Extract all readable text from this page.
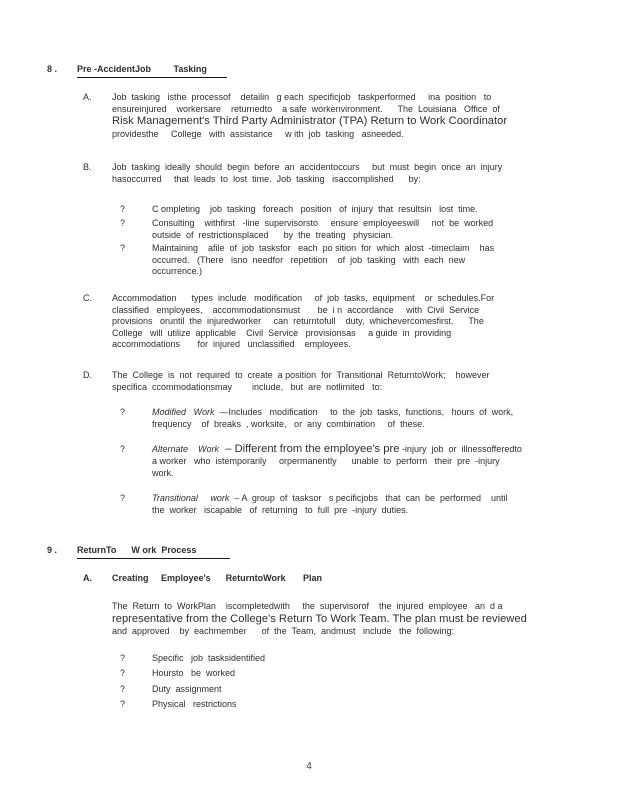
8 .	Pre -AccidentJob         Tasking
A.	Job  tasking   isthe  processof    detailin   g each  specificjob   taskperformed     ina  position   to
ensureinjured    workersare    returnedto    a safe  workenvironment.      The  Louisiana   Office  of
Risk Management's Third Party Administrator (TPA) Return to Work Coordinator
providesthe     College   with  assistance     w ith  job  tasking   asneeded.
B.	Job  tasking  ideally  should  begin  before  an  accidentoccurs     but  must  begin  once  an  injury
hasoccurred     that  leads  to  lost  time.  Job  tasking   isaccomplished      by:
?	C ompleting    job  tasking   foreach   position   of  injury  that  resultsin   lost  time.
?	Consulting    withfirst   -line  supervisorsto     ensure  employeeswill     not  be  worked
outside  of  restrictionsplaced      by  the  treating   physician.
?	Maintaining    afile  of  job  tasksfor   each  po sition  for  which  alost  -timeclaim    has
occurred.   (There   isno  needfor   repetition    of  job  tasking   with  each  new
occurrence.)
C.	Accommodation      types  include   modification     of  job  tasks,  equipment    or  schedules.For
classified   employees,    accommodationsmust       be  i n  accordance     with  Civil  Service
provisions   oruntil  the  injuredworker     can  returntofull    duty,  whichevercomesfirst.      The
College   will  utilize  applicable    Civil  Service   provisionsas     a guide  in  providing
accommodations       for  injured   unclassified    employees.
D.	The  College  is  not  required  to  create  a position  for  Transitional  ReturntoWork;    however
specifica  ccommodationsmay        include,   but  are  notlimited   to:
?	Modified   Work  —Includes   modification     to  the  job  tasks,  functions,   hours  of  work,
frequency    of  breaks  , worksite,   or  any  combination     of  these.
?	Alternate    Work  – Different from the employee's pre -injury  job  or  illnessofferedto
a worker   who  istemporarily     orpermanently      unable  to  perform   their  pre  -injury
work.
?	Transitional     work  – A  group  of  tasksor   s pecificjobs   that  can  be  performed    until
the  worker   iscapable   of  returning   to  full  pre  -injury  duties.
9 .	ReturnTo      W ork  Process
A.	Creating     Employee's      ReturntoWork       Plan
The  Return  to  WorkPlan    iscompletedwith     the  supervisorof    the  injured  employee   an  d a
representative from the College's Return To Work Team. The plan must be reviewed
and  approved    by  eachmember      of  the  Team,  andmust   include   the  following:
?	Specific   job  tasksidentified
?	Hoursto   be  worked
?	Duty  assignment
?	Physical   restrictions
4
